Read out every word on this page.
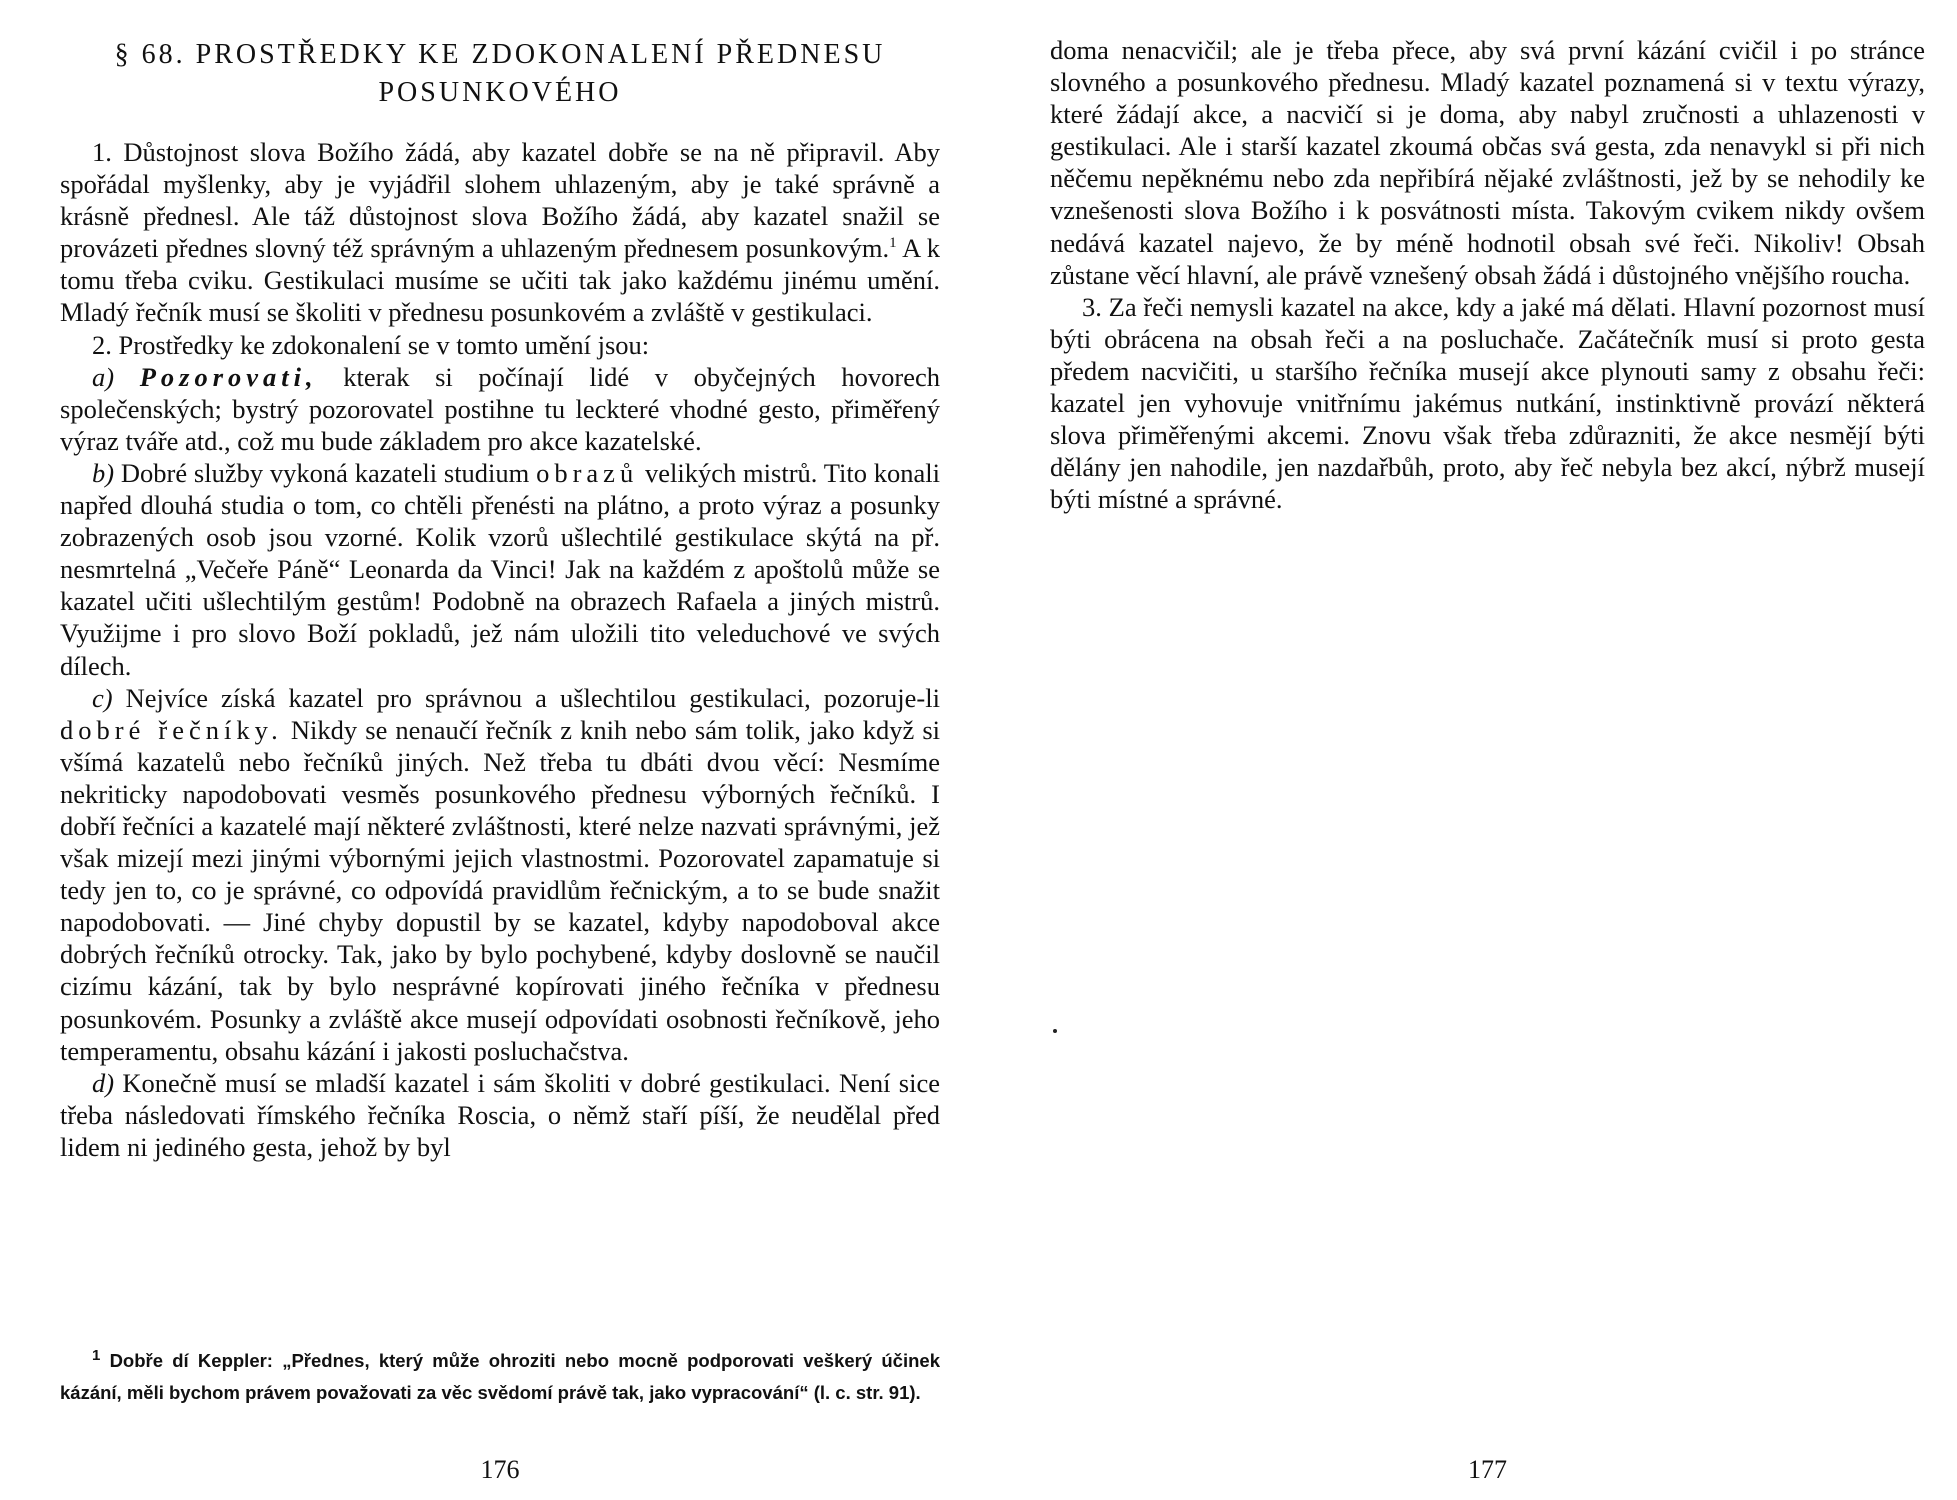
§ 68. PROSTŘEDKY KE ZDOKONALENÍ PŘEDNESU POSUNKOVÉHO

1. Důstojnost slova Božího žádá, aby kazatel dobře se na ně připravil. Aby spořádal myšlenky, aby je vyjádřil slohem uhlazeným, aby je také správně a krásně přednesl. Ale táž důstojnost slova Božího žádá, aby kazatel snažil se provázeti přednes slovný též správným a uhlazeným přednesem posunkovým.$^1$ A k tomu třeba cviku. Gestikulaci musíme se učiti tak jako každému jinému umění. Mladý řečník musí se školiti v přednesu posunkovém a zvláště v gestikulaci.

2. Prostředky ke zdokonalení se v tomto umění jsou:

a) Pozorovati, kterak si počínají lidé v obyčejných hovorech společenských; bystrý pozorovatel postihne tu leckteré vhodné gesto, přiměřený výraz tváře atd., což mu bude základem pro akce kazatelské.

b) Dobré služby vykoná kazateli studium obrazů velikých mistrů. Tito konali napřed dlouhá studia o tom, co chtěli přenésti na plátno, a proto výraz a posunky zobrazených osob jsou vzorné. Kolik vzorů ušlechtilé gestikulace skýtá na př. nesmrtelná „Večeře Páně“ Leonarda da Vinci! Jak na každém z apoštolů může se kazatel učiti ušlechtilým gestům! Podobně na obrazech Rafaela a jiných mistrů. Využijme i pro slovo Boží pokladů, jež nám uložili tito veleduchové ve svých dílech.

c) Nejvíce získá kazatel pro správnou a ušlechtilou gestikulaci, pozoruje-li dobré řečníky. Nikdy se nenaučí řečník z knih nebo sám tolik, jako když si všímá kazatelů nebo řečníků jiných. Než třeba tu dbáti dvou věcí: Nesmíme nekriticky napodobovati vesměs posunkového přednesu výborných řečníků. I dobří řečníci a kazatelé mají některé zvláštnosti, které nelze nazvati správnými, jež však mizejí mezi jinými výbornými jejich vlastnostmi. Pozorovatel zapamatuje si tedy jen to, co je správné, co odpovídá pravidlům řečnickým, a to se bude snažit napodobovati. — Jiné chyby dopustil by se kazatel, kdyby napodoboval akce dobrých řečníků otrocky. Tak, jako by bylo pochybené, kdyby doslovně se naučil cizímu kázání, tak by bylo nesprávné kopírovati jiného řečníka v přednesu posunkovém. Posunky a zvláště akce musejí odpovídati osobnosti řečníkově, jeho temperamentu, obsahu kázání i jakosti posluchačstva.

d) Konečně musí se mladší kazatel i sám školiti v dobré gestikulaci. Není sice třeba následovati římského řečníka Roscia, o němž staří píší, že neudělal před lidem ni jediného gesta, jehož by byl

$^1$ Dobře dí Keppler: „Přednes, který může ohroziti nebo mocně podporovati veškerý účinek kázání, měli bychom právem považovati za věc svědomí právě tak, jako vypracování“ (l. c. str. 91).

176

doma nenacvičil; ale je třeba přece, aby svá první kázání cvičil i po stránce slovného a posunkového přednesu. Mladý kazatel poznamená si v textu výrazy, které žádají akce, a nacvičí si je doma, aby nabyl zručnosti a uhlazenosti v gestikulaci. Ale i starší kazatel zkoumá občas svá gesta, zda nenavykl si při nich něčemu nepěknému nebo zda nepřibírá nějaké zvláštnosti, jež by se nehodily ke vznešenosti slova Božího i k posvátnosti místa. Takovým cvikem nikdy ovšem nedává kazatel najevo, že by méně hodnotil obsah své řeči. Nikoliv! Obsah zůstane věcí hlavní, ale právě vznešený obsah žádá i důstojného vnějšího roucha.

3. Za řeči nemysli kazatel na akce, kdy a jaké má dělati. Hlavní pozornost musí býti obrácena na obsah řeči a na posluchače. Začátečník musí si proto gesta předem nacvičiti, u staršího řečníka musejí akce plynouti samy z obsahu řeči: kazatel jen vyhovuje vnitřnímu jakémus nutkání, instinktivně provází některá slova přiměřenými akcemi. Znovu však třeba zdůrazniti, že akce nesmějí býti dělány jen nahodile, jen nazdařbůh, proto, aby řeč nebyla bez akcí, nýbrž musejí býti místné a správné.

177
